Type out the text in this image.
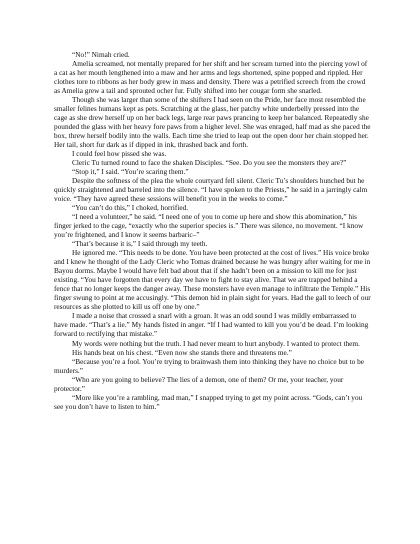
“No!” Nimah cried.

Amelia screamed, not mentally prepared for her shift and her scream turned into the piercing yowl of a cat as her mouth lengthened into a maw and her arms and legs shortened, spine popped and rippled. Her clothes tore to ribbons as her body grew in mass and density. There was a petrified screech from the crowd as Amelia grew a tail and sprouted ocher fur. Fully shifted into her cougar form she snarled.

Though she was larger than some of the shifters I had seen on the Pride, her face most resembled the smaller felines humans kept as pets. Scratching at the glass, her patchy white underbelly pressed into the cage as she drew herself up on her back legs, large rear paws prancing to keep her balanced. Repeatedly she pounded the glass with her heavy fore paws from a higher level. She was enraged, half mad as she paced the box, threw herself bodily into the walls. Each time she tried to leap out the open door her chain stopped her. Her tail, short fur dark as if dipped in ink, thrashed back and forth.

I could feel how pissed she was.

Cleric Tu turned round to face the shaken Disciples. “See. Do you see the monsters they are?”

“Stop it,” I said. “You’re scaring them.”

Despite the softness of the plea the whole courtyard fell silent. Cleric Tu’s shoulders hunched but he quickly straightened and barreled into the silence. “I have spoken to the Priests,” he said in a jarringly calm voice. “They have agreed these sessions will benefit you in the weeks to come.”

“You can’t do this,” I choked, horrified.

“I need a volunteer,” he said. “I need one of you to come up here and show this abomination,” his finger jerked to the cage, “exactly who the superior species is.” There was silence, no movement. “I know you’re frightened, and I know it seems barbaric–”

“That’s because it is,” I said through my teeth.

He ignored me. “This needs to be done. You have been protected at the cost of lives.” His voice broke and I knew he thought of the Lady Cleric who Tomas drained because he was hungry after waiting for me in Bayou dorms. Maybe I would have felt bad about that if she hadn’t been on a mission to kill me for just existing. “You have forgotten that every day we have to fight to stay alive. That we are trapped behind a fence that no longer keeps the danger away. These monsters have even manage to infiltrate the Temple.” His finger swung to point at me accusingly. “This demon hid in plain sight for years. Had the gall to leech of our resources as she plotted to kill us off one by one.”

I made a noise that crossed a snarl with a groan. It was an odd sound I was mildly embarrassed to have made. “That’s a lie.” My hands fisted in anger. “If I had wanted to kill you you’d be dead. I’m looking forward to rectifying that mistake.”

My words were nothing but the truth. I had never meant to hurt anybody. I wanted to protect them.

His hands beat on his chest. “Even now she stands there and threatens me.”

“Because you’re a fool. You’re trying to brainwash them into thinking they have no choice but to be murders.”

“Who are you going to believe? The lies of a demon, one of them? Or me, your teacher, your protector.”

“More like you’re a rambling, mad man,” I snapped trying to get my point across. “Gods, can’t you see you don’t have to listen to him.”
